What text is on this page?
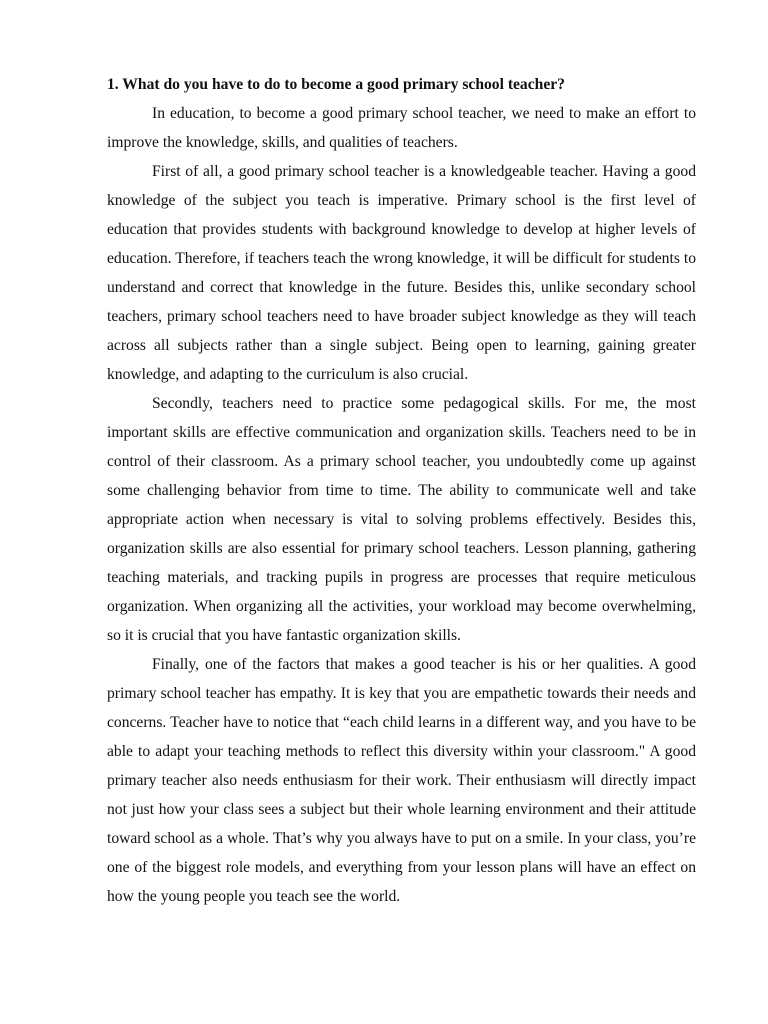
1. What do you have to do to become a good primary school teacher?

In education, to become a good primary school teacher, we need to make an effort to improve the knowledge, skills, and qualities of teachers.

First of all, a good primary school teacher is a knowledgeable teacher. Having a good knowledge of the subject you teach is imperative. Primary school is the first level of education that provides students with background knowledge to develop at higher levels of education. Therefore, if teachers teach the wrong knowledge, it will be difficult for students to understand and correct that knowledge in the future. Besides this, unlike secondary school teachers, primary school teachers need to have broader subject knowledge as they will teach across all subjects rather than a single subject. Being open to learning, gaining greater knowledge, and adapting to the curriculum is also crucial.

Secondly, teachers need to practice some pedagogical skills. For me, the most important skills are effective communication and organization skills. Teachers need to be in control of their classroom. As a primary school teacher, you undoubtedly come up against some challenging behavior from time to time. The ability to communicate well and take appropriate action when necessary is vital to solving problems effectively. Besides this, organization skills are also essential for primary school teachers. Lesson planning, gathering teaching materials, and tracking pupils in progress are processes that require meticulous organization. When organizing all the activities, your workload may become overwhelming, so it is crucial that you have fantastic organization skills.

Finally, one of the factors that makes a good teacher is his or her qualities. A good primary school teacher has empathy. It is key that you are empathetic towards their needs and concerns. Teacher have to notice that “each child learns in a different way, and you have to be able to adapt your teaching methods to reflect this diversity within your classroom." A good primary teacher also needs enthusiasm for their work. Their enthusiasm will directly impact not just how your class sees a subject but their whole learning environment and their attitude toward school as a whole. That’s why you always have to put on a smile. In your class, you’re one of the biggest role models, and everything from your lesson plans will have an effect on how the young people you teach see the world.
